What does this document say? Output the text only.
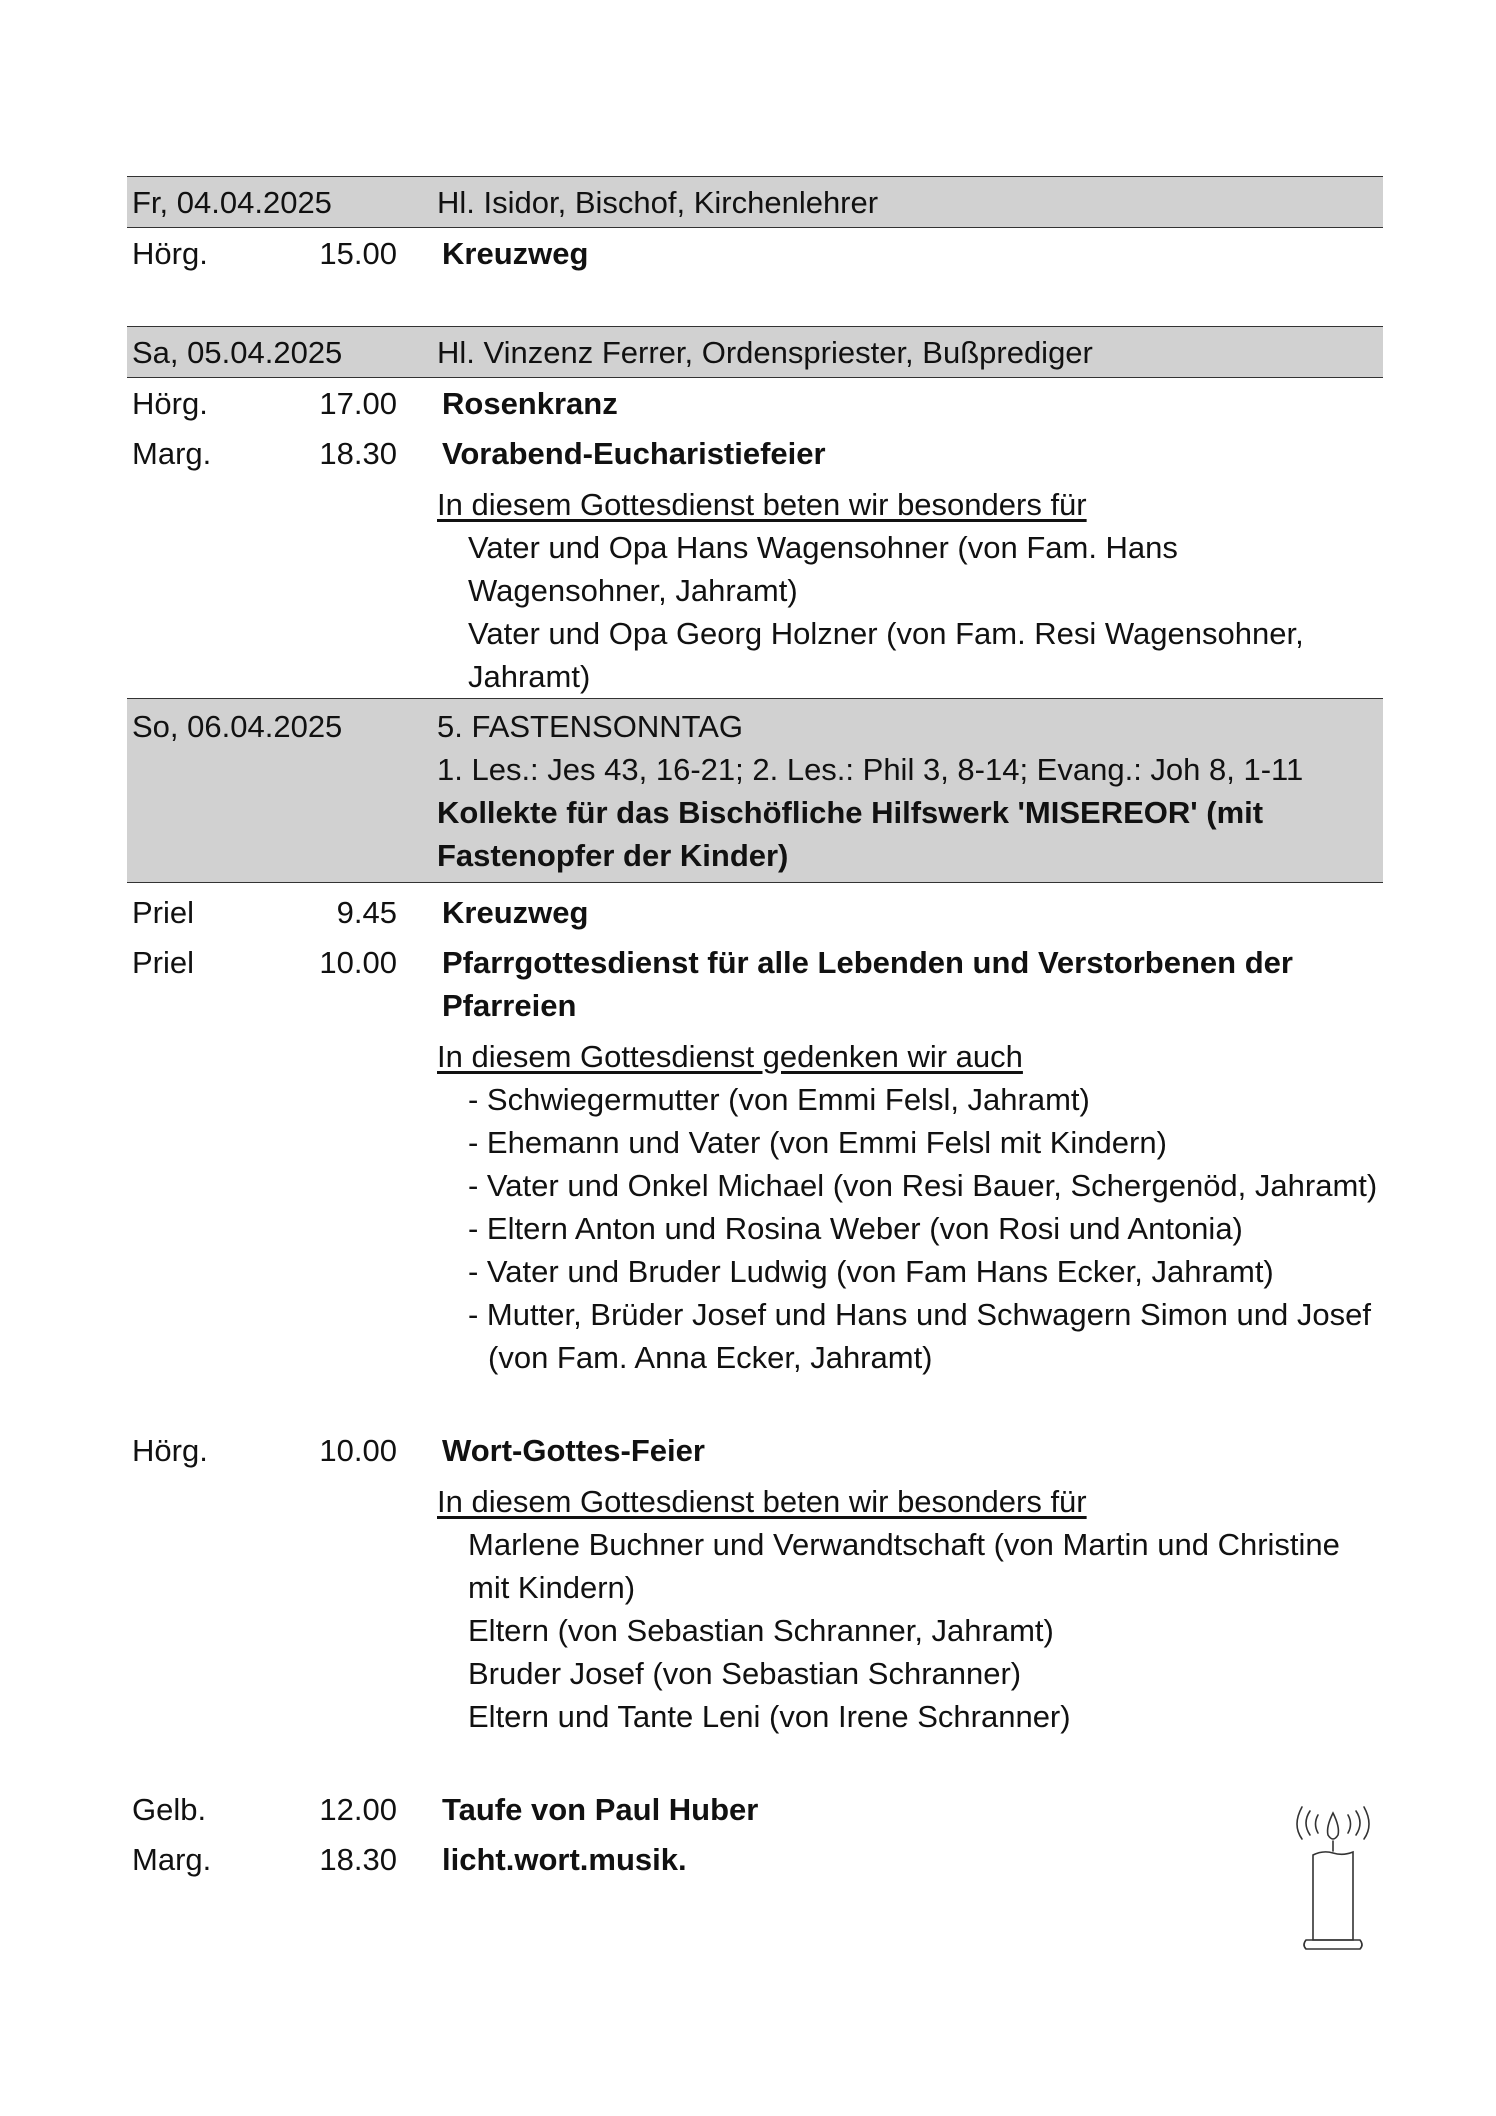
Fr, 04.04.2025	Hl. Isidor, Bischof, Kirchenlehrer
Hörg.	15.00 Kreuzweg
Sa, 05.04.2025	Hl. Vinzenz Ferrer, Ordenspriester, Bußprediger
Hörg.	17.00 Rosenkranz
Marg.	18.30 Vorabend-Eucharistiefeier
In diesem Gottesdienst beten wir besonders für
Vater und Opa Hans Wagensohner (von Fam. Hans Wagensohner, Jahramt)
Vater und Opa Georg Holzner (von Fam. Resi Wagensohner, Jahramt)
So, 06.04.2025	5. FASTENSONNTAG
1. Les.: Jes 43, 16-21; 2. Les.: Phil 3, 8-14; Evang.: Joh 8, 1-11
Kollekte für das Bischöfliche Hilfswerk 'MISEREOR' (mit Fastenopfer der Kinder)
Priel	9.45 Kreuzweg
Priel	10.00 Pfarrgottesdienst für alle Lebenden und Verstorbenen der Pfarreien
In diesem Gottesdienst gedenken wir auch
- Schwiegermutter (von Emmi Felsl, Jahramt)
- Ehemann und Vater (von Emmi Felsl mit Kindern)
- Vater und Onkel Michael (von Resi Bauer, Schergenöd, Jahramt)
- Eltern Anton und Rosina Weber (von Rosi und Antonia)
- Vater und Bruder Ludwig (von Fam Hans Ecker, Jahramt)
- Mutter, Brüder Josef und Hans und Schwagern Simon und Josef (von Fam. Anna Ecker, Jahramt)
Hörg.	10.00 Wort-Gottes-Feier
In diesem Gottesdienst beten wir besonders für
Marlene Buchner und Verwandtschaft (von Martin und Christine mit Kindern)
Eltern (von Sebastian Schranner, Jahramt)
Bruder Josef (von Sebastian Schranner)
Eltern und Tante Leni (von Irene Schranner)
Gelb.	12.00 Taufe von Paul Huber
Marg.	18.30 licht.wort.musik.
